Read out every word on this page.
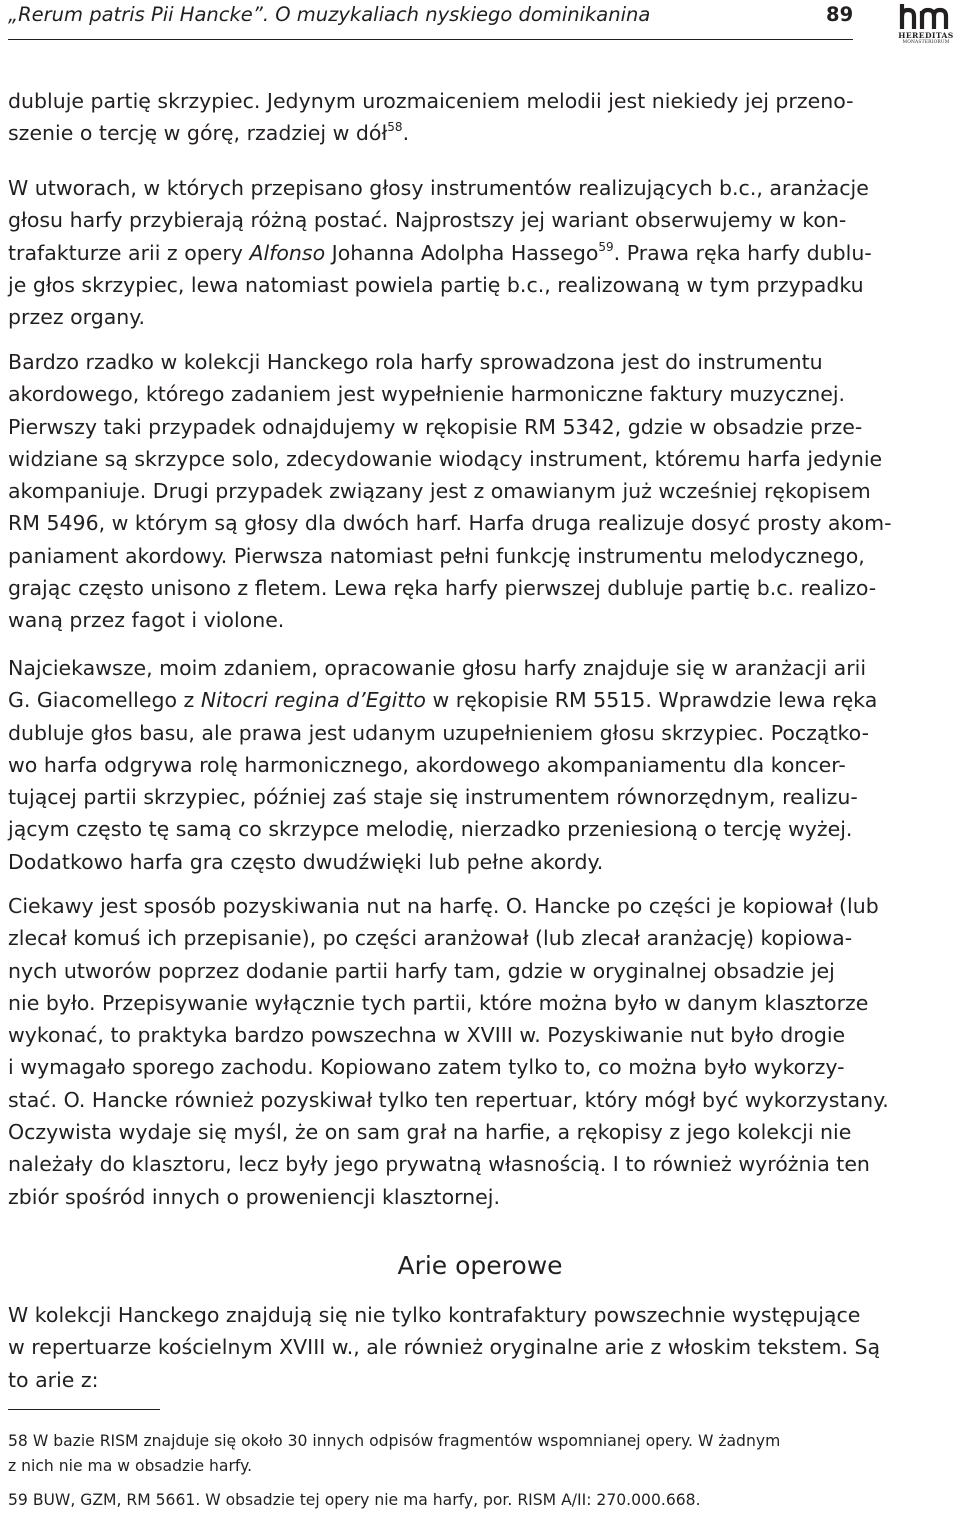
„Rerum patris Pii Hancke”. O muzykaliach nyskiego dominikanina	89
HEREDITAS
MONASTERIORUM

dubluje partię skrzypiec. Jedynym urozmaiceniem melodii jest niekiedy jej przeno-
szenie o tercję w górę, rzadziej w dół$^{58}$.

W utworach, w których przepisano głosy instrumentów realizujących b.c., aranżacje
głosu harfy przybierają różną postać. Najprostszy jej wariant obserwujemy w kon-
trafakturze arii z opery Alfonso Johanna Adolpha Hassego$^{59}$. Prawa ręka harfy dublu-
je głos skrzypiec, lewa natomiast powiela partię b.c., realizowaną w tym przypadku
przez organy.

Bardzo rzadko w kolekcji Hanckego rola harfy sprowadzona jest do instrumentu
akordowego, którego zadaniem jest wypełnienie harmoniczne faktury muzycznej.
Pierwszy taki przypadek odnajdujemy w rękopisie RM 5342, gdzie w obsadzie prze-
widziane są skrzypce solo, zdecydowanie wiodący instrument, któremu harfa jedynie
akompaniuje. Drugi przypadek związany jest z omawianym już wcześniej rękopisem
RM 5496, w którym są głosy dla dwóch harf. Harfa druga realizuje dosyć prosty akom-
paniament akordowy. Pierwsza natomiast pełni funkcję instrumentu melodycznego,
grając często unisono z fletem. Lewa ręka harfy pierwszej dubluje partię b.c. realizo-
waną przez fagot i violone.

Najciekawsze, moim zdaniem, opracowanie głosu harfy znajduje się w aranżacji arii
G. Giacomellego z Nitocri regina d’Egitto w rękopisie RM 5515. Wprawdzie lewa ręka
dubluje głos basu, ale prawa jest udanym uzupełnieniem głosu skrzypiec. Początko-
wo harfa odgrywa rolę harmonicznego, akordowego akompaniamentu dla koncer-
tującej partii skrzypiec, później zaś staje się instrumentem równorzędnym, realizu-
jącym często tę samą co skrzypce melodię, nierzadko przeniesioną o tercję wyżej.
Dodatkowo harfa gra często dwudźwięki lub pełne akordy.

Ciekawy jest sposób pozyskiwania nut na harfę. O. Hancke po części je kopiował (lub
zlecał komuś ich przepisanie), po części aranżował (lub zlecał aranżację) kopiowa-
nych utworów poprzez dodanie partii harfy tam, gdzie w oryginalnej obsadzie jej
nie było. Przepisywanie wyłącznie tych partii, które można było w danym klasztorze
wykonać, to praktyka bardzo powszechna w XVIII w. Pozyskiwanie nut było drogie
i wymagało sporego zachodu. Kopiowano zatem tylko to, co można było wykorzy-
stać. O. Hancke również pozyskiwał tylko ten repertuar, który mógł być wykorzystany.
Oczywista wydaje się myśl, że on sam grał na harfie, a rękopisy z jego kolekcji nie
należały do klasztoru, lecz były jego prywatną własnością. I to również wyróżnia ten
zbiór spośród innych o proweniencji klasztornej.

Arie operowe

W kolekcji Hanckego znajdują się nie tylko kontrafaktury powszechnie występujące
w repertuarze kościelnym XVIII w., ale również oryginalne arie z włoskim tekstem. Są
to arie z:

58 W bazie RISM znajduje się około 30 innych odpisów fragmentów wspomnianej opery. W żadnym
z nich nie ma w obsadzie harfy.

59 BUW, GZM, RM 5661. W obsadzie tej opery nie ma harfy, por. RISM A/II: 270.000.668.
